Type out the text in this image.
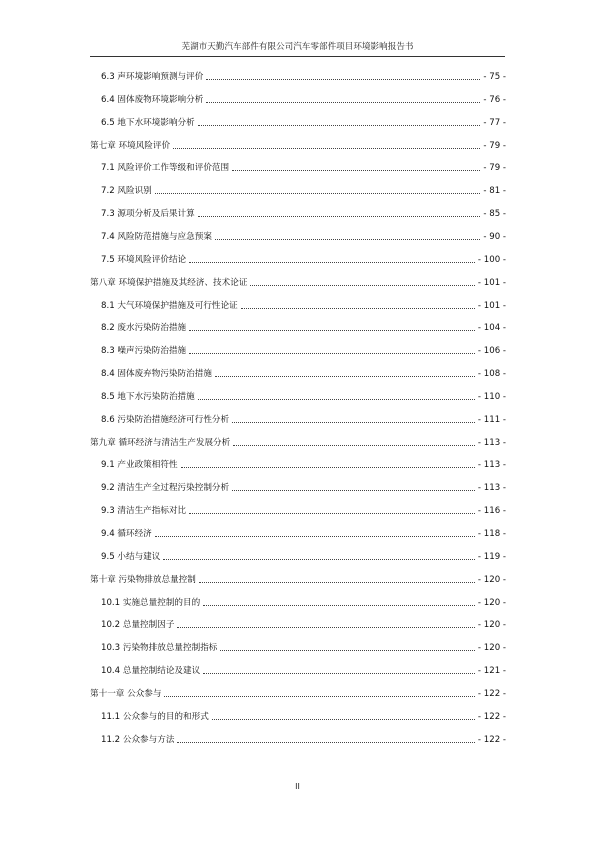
芜湖市天勤汽车部件有限公司汽车零部件项目环境影响报告书
6.3 声环境影响预测与评价	- 75 -
6.4 固体废物环境影响分析	- 76 -
6.5 地下水环境影响分析	- 77 -
第七章 环境风险评价	- 79 -
7.1 风险评价工作等级和评价范围	- 79 -
7.2 风险识别	- 81 -
7.3 源项分析及后果计算	- 85 -
7.4 风险防范措施与应急预案	- 90 -
7.5 环境风险评价结论	- 100 -
第八章 环境保护措施及其经济、技术论证	- 101 -
8.1 大气环境保护措施及可行性论证	- 101 -
8.2 废水污染防治措施	- 104 -
8.3 噪声污染防治措施	- 106 -
8.4 固体废弃物污染防治措施	- 108 -
8.5 地下水污染防治措施	- 110 -
8.6 污染防治措施经济可行性分析	- 111 -
第九章 循环经济与清洁生产发展分析	- 113 -
9.1 产业政策相符性	- 113 -
9.2 清洁生产全过程污染控制分析	- 113 -
9.3 清洁生产指标对比	- 116 -
9.4 循环经济	- 118 -
9.5 小结与建议	- 119 -
第十章 污染物排放总量控制	- 120 -
10.1 实施总量控制的目的	- 120 -
10.2 总量控制因子	- 120 -
10.3 污染物排放总量控制指标	- 120 -
10.4 总量控制结论及建议	- 121 -
第十一章 公众参与	- 122 -
11.1 公众参与的目的和形式	- 122 -
11.2 公众参与方法	- 122 -
II
